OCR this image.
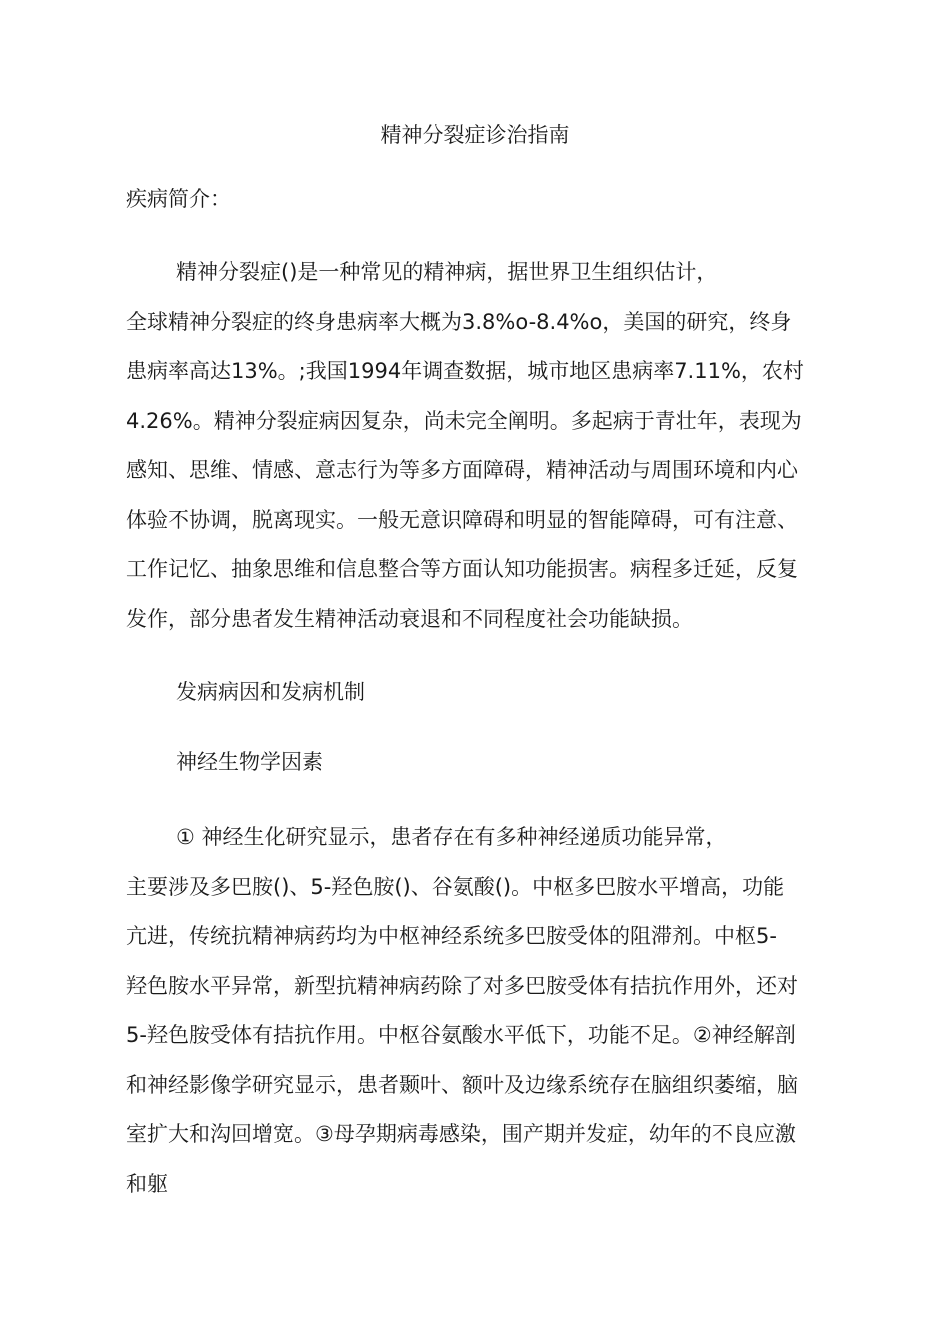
精神分裂症诊治指南
疾病简介：
精神分裂症()是一种常见的精神病，据世界卫生组织估计，
全球精神分裂症的终身患病率大概为3.8%o-8.4%o，美国的研究，终身
患病率高达13%。;我国1994年调查数据，城市地区患病率7.11%，农村
4.26%。精神分裂症病因复杂，尚未完全阐明。多起病于青壮年，表现为
感知、思维、情感、意志行为等多方面障碍，精神活动与周围环境和内心
体验不协调，脱离现实。一般无意识障碍和明显的智能障碍，可有注意、
工作记忆、抽象思维和信息整合等方面认知功能损害。病程多迁延，反复
发作，部分患者发生精神活动衰退和不同程度社会功能缺损。
发病病因和发病机制
神经生物学因素
① 神经生化研究显示，患者存在有多种神经递质功能异常，
主要涉及多巴胺()、5-羟色胺()、谷氨酸()。中枢多巴胺水平增高，功能
亢进，传统抗精神病药均为中枢神经系统多巴胺受体的阻滞剂。中枢5-
羟色胺水平异常，新型抗精神病药除了对多巴胺受体有拮抗作用外，还对
5-羟色胺受体有拮抗作用。中枢谷氨酸水平低下，功能不足。②神经解剖
和神经影像学研究显示，患者颞叶、额叶及边缘系统存在脑组织萎缩，脑
室扩大和沟回增宽。③母孕期病毒感染，围产期并发症，幼年的不良应激
和躯
